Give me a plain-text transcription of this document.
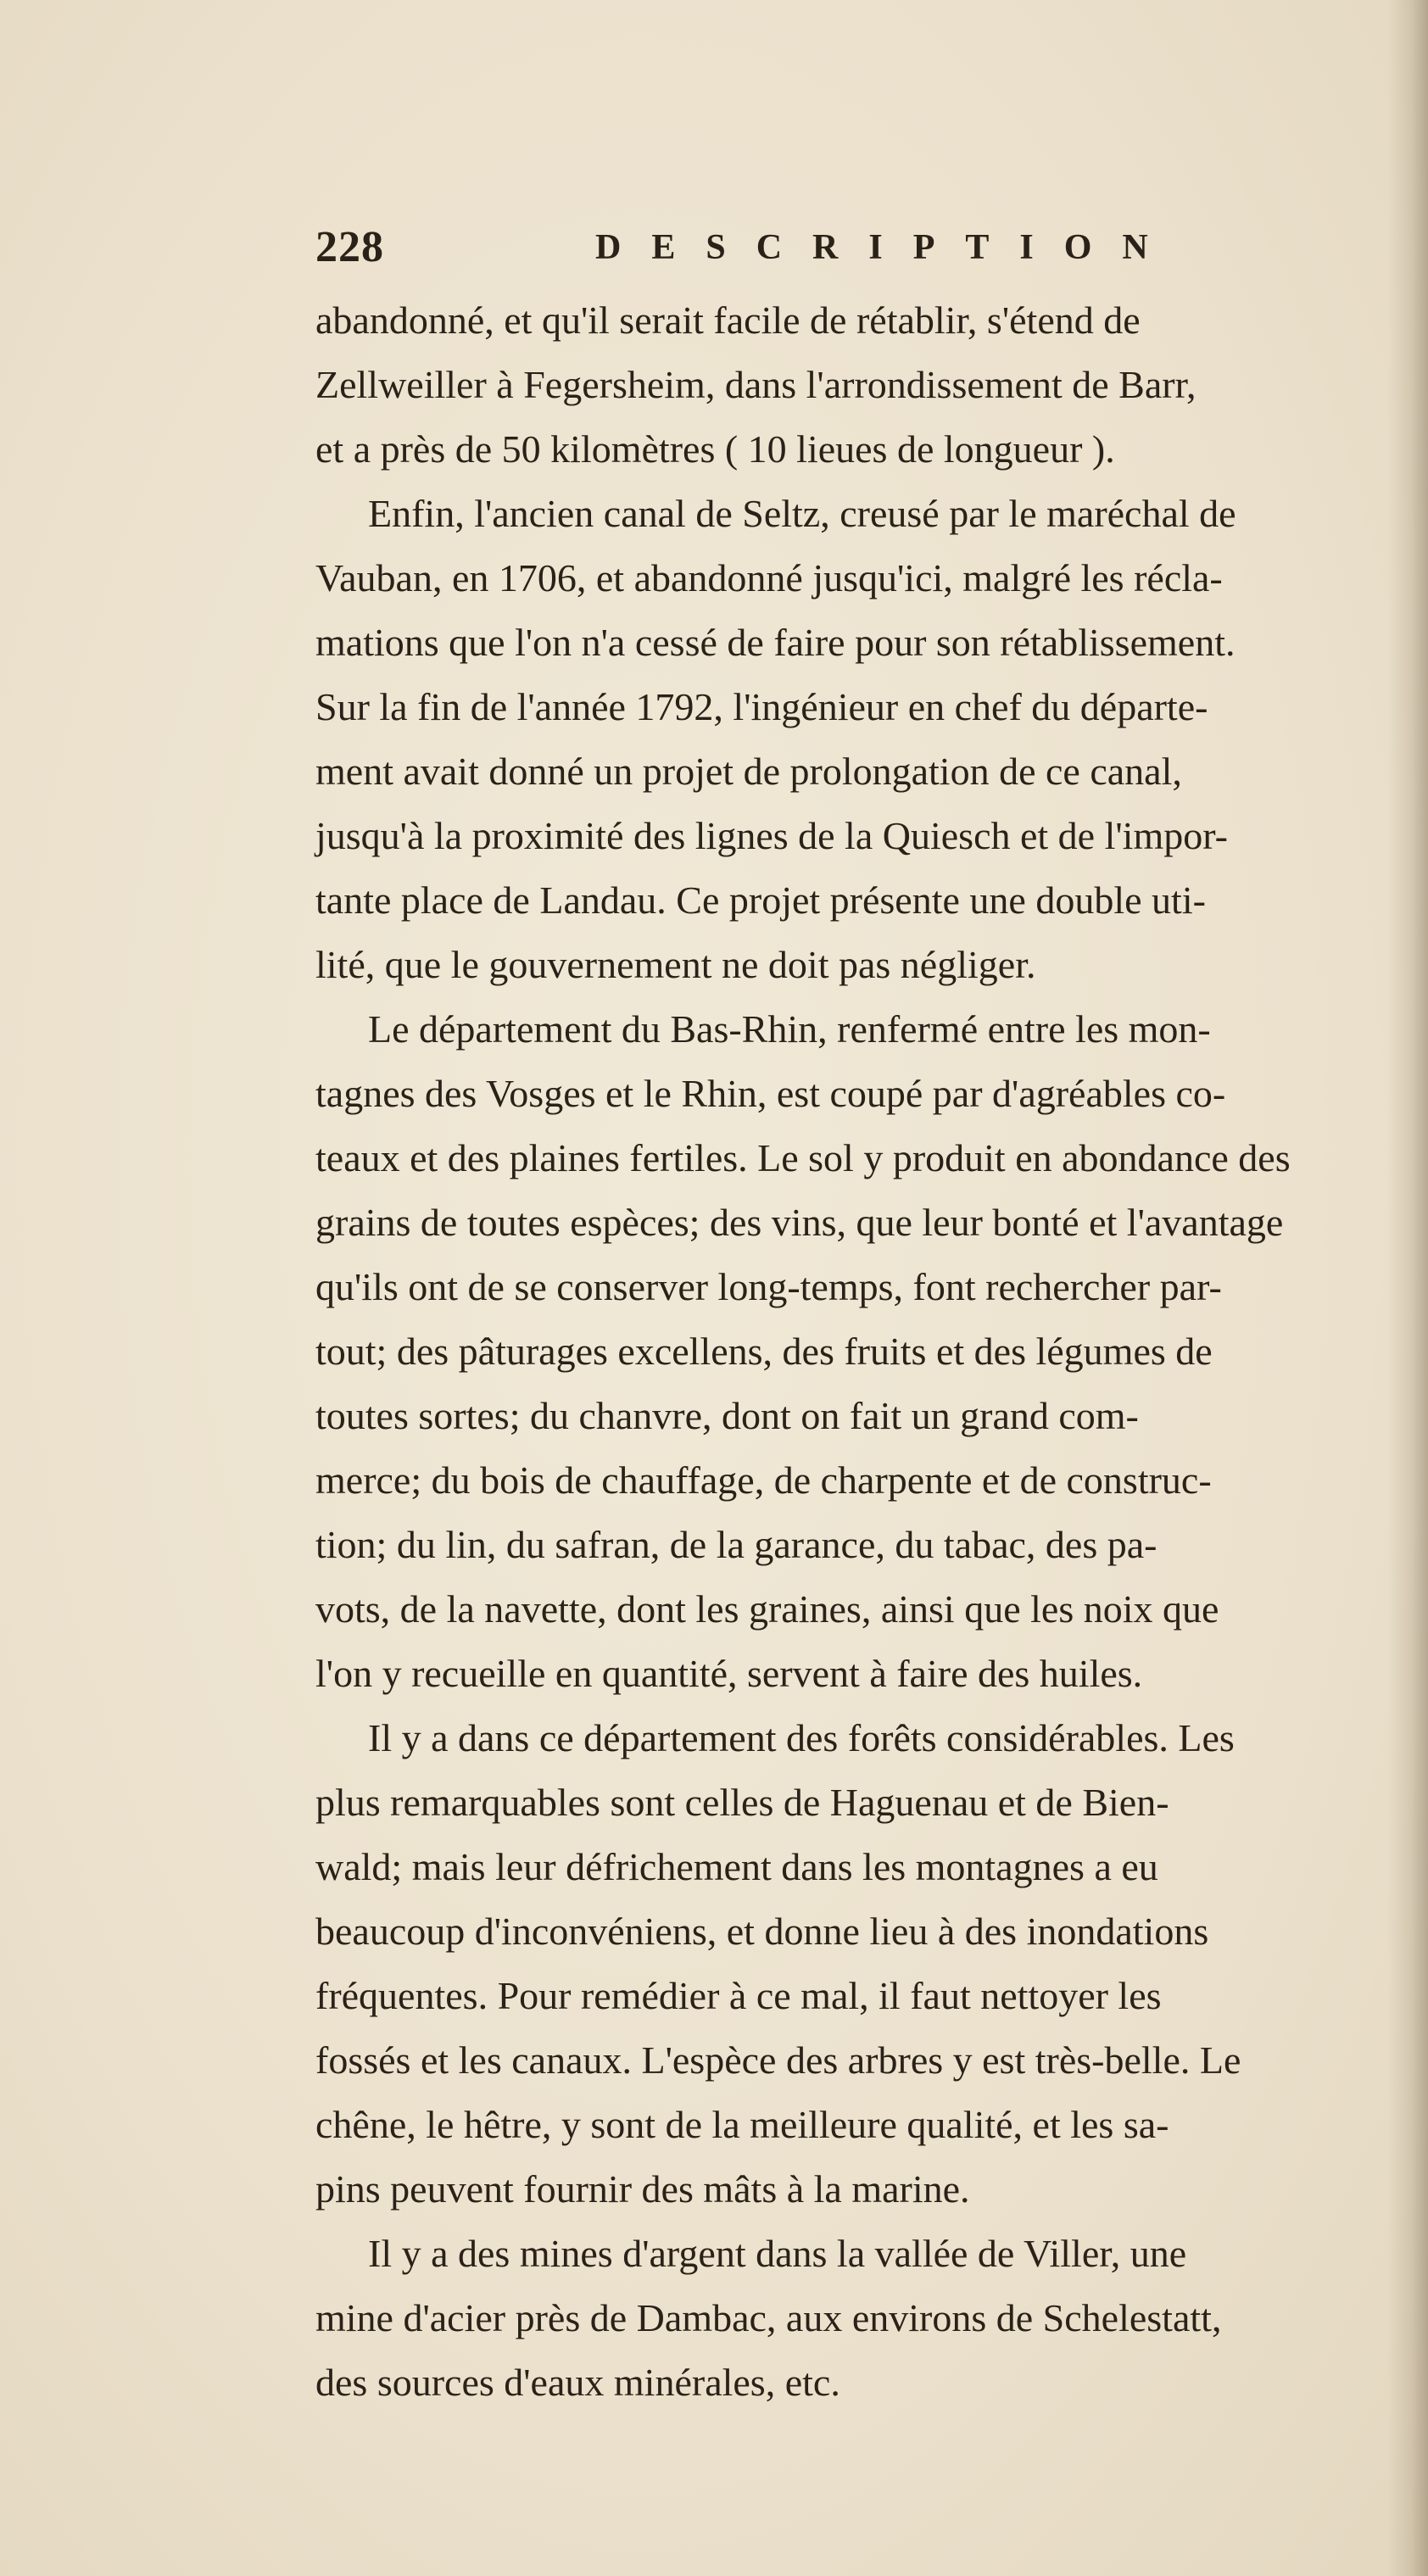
228	DESCRIPTION
abandonné, et qu'il serait facile de rétablir, s'étend de
Zellweiller à Fegersheim, dans l'arrondissement de Barr,
et a près de 50 kilomètres ( 10 lieues de longueur ).
Enfin, l'ancien canal de Seltz, creusé par le maréchal de
Vauban, en 1706, et abandonné jusqu'ici, malgré les récla-
mations que l'on n'a cessé de faire pour son rétablissement.
Sur la fin de l'année 1792, l'ingénieur en chef du départe-
ment avait donné un projet de prolongation de ce canal,
jusqu'à la proximité des lignes de la Quiesch et de l'impor-
tante place de Landau. Ce projet présente une double uti-
lité, que le gouvernement ne doit pas négliger.
Le département du Bas-Rhin, renfermé entre les mon-
tagnes des Vosges et le Rhin, est coupé par d'agréables co-
teaux et des plaines fertiles. Le sol y produit en abondance des
grains de toutes espèces; des vins, que leur bonté et l'avantage
qu'ils ont de se conserver long-temps, font rechercher par-
tout; des pâturages excellens, des fruits et des légumes de
toutes sortes; du chanvre, dont on fait un grand com-
merce; du bois de chauffage, de charpente et de construc-
tion; du lin, du safran, de la garance, du tabac, des pa-
vots, de la navette, dont les graines, ainsi que les noix que
l'on y recueille en quantité, servent à faire des huiles.
Il y a dans ce département des forêts considérables. Les
plus remarquables sont celles de Haguenau et de Bien-
wald; mais leur défrichement dans les montagnes a eu
beaucoup d'inconvéniens, et donne lieu à des inondations
fréquentes. Pour remédier à ce mal, il faut nettoyer les
fossés et les canaux. L'espèce des arbres y est très-belle. Le
chêne, le hêtre, y sont de la meilleure qualité, et les sa-
pins peuvent fournir des mâts à la marine.
Il y a des mines d'argent dans la vallée de Viller, une
mine d'acier près de Dambac, aux environs de Schelestatt,
des sources d'eaux minérales, etc.
